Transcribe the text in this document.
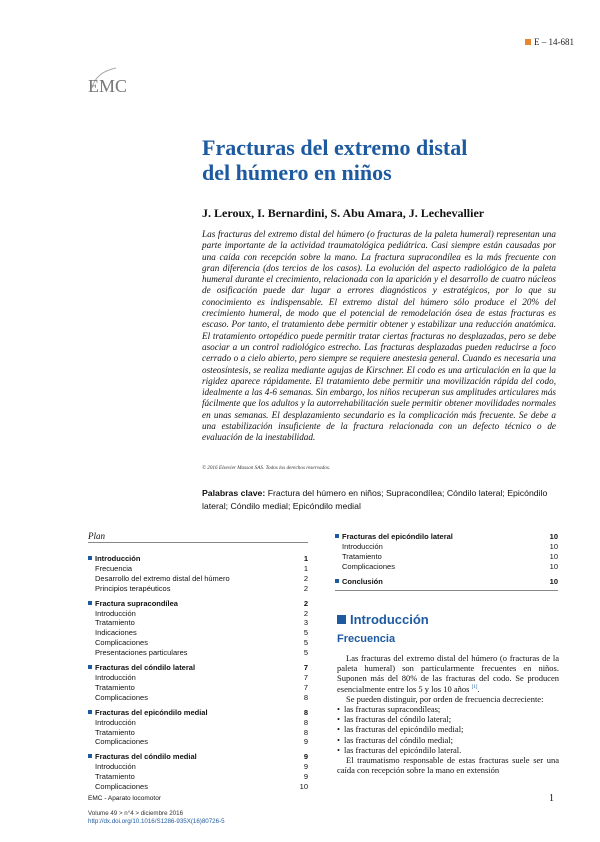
E – 14-681
EMC
Fracturas del extremo distal
del húmero en niños
J. Leroux, I. Bernardini, S. Abu Amara, J. Lechevallier
Las fracturas del extremo distal del húmero (o fracturas de la paleta humeral) representan una parte importante de la actividad traumatológica pediátrica. Casi siempre están causadas por una caída con recepción sobre la mano. La fractura supracondílea es la más frecuente con gran diferencia (dos tercios de los casos). La evolución del aspecto radiológico de la paleta humeral durante el crecimiento, relacionada con la aparición y el desarrollo de cuatro núcleos de osificación puede dar lugar a errores diagnósticos y estratégicos, por lo que su conocimiento es indispensable. El extremo distal del húmero sólo produce el 20% del crecimiento humeral, de modo que el potencial de remodelación ósea de estas fracturas es escaso. Por tanto, el tratamiento debe permitir obtener y estabilizar una reducción anatómica. El tratamiento ortopédico puede permitir tratar ciertas fracturas no desplazadas, pero se debe asociar a un control radiológico estrecho. Las fracturas desplazadas pueden reducirse a foco cerrado o a cielo abierto, pero siempre se requiere anestesia general. Cuando es necesaria una osteosíntesis, se realiza mediante agujas de Kirschner. El codo es una articulación en la que la rigidez aparece rápidamente. El tratamiento debe permitir una movilización rápida del codo, idealmente a las 4-6 semanas. Sin embargo, los niños recuperan sus amplitudes articulares más fácilmente que los adultos y la autorrehabilitación suele permitir obtener movilidades normales en unas semanas. El desplazamiento secundario es la complicación más frecuente. Se debe a una estabilización insuficiente de la fractura relacionada con un defecto técnico o de evaluación de la inestabilidad.
© 2016 Elsevier Masson SAS. Todos los derechos reservados.
Palabras clave: Fractura del húmero en niños; Supracondílea; Cóndilo lateral; Epicóndilo lateral; Cóndilo medial; Epicóndilo medial
Plan
Introducción	1
Frecuencia	1
Desarrollo del extremo distal del húmero	2
Principios terapéuticos	2
Fractura supracondílea	2
Introducción	2
Tratamiento	3
Indicaciones	5
Complicaciones	5
Presentaciones particulares	5
Fracturas del cóndilo lateral	7
Introducción	7
Tratamiento	7
Complicaciones	8
Fracturas del epicóndilo medial	8
Introducción	8
Tratamiento	8
Complicaciones	9
Fracturas del cóndilo medial	9
Introducción	9
Tratamiento	9
Complicaciones	10
Fracturas del epicóndilo lateral	10
Introducción	10
Tratamiento	10
Complicaciones	10
Conclusión	10
Introducción
Frecuencia

Las fracturas del extremo distal del húmero (o fracturas de la paleta humeral) son particularmente frecuentes en niños. Suponen más del 80% de las fracturas del codo. Se producen esencialmente entre los 5 y los 10 años [1].

Se pueden distinguir, por orden de frecuencia decreciente:

• las fracturas supracondíleas;
• las fracturas del cóndilo lateral;
• las fracturas del epicóndilo medial;
• las fracturas del cóndilo medial;
• las fracturas del epicóndilo lateral.

El traumatismo responsable de estas fracturas suele ser una caída con recepción sobre la mano en extensión

EMC - Aparato locomotor
Volume 49 > n°4 > diciembre 2016
http://dx.doi.org/10.1016/S1286-935X(16)80726-5
1
